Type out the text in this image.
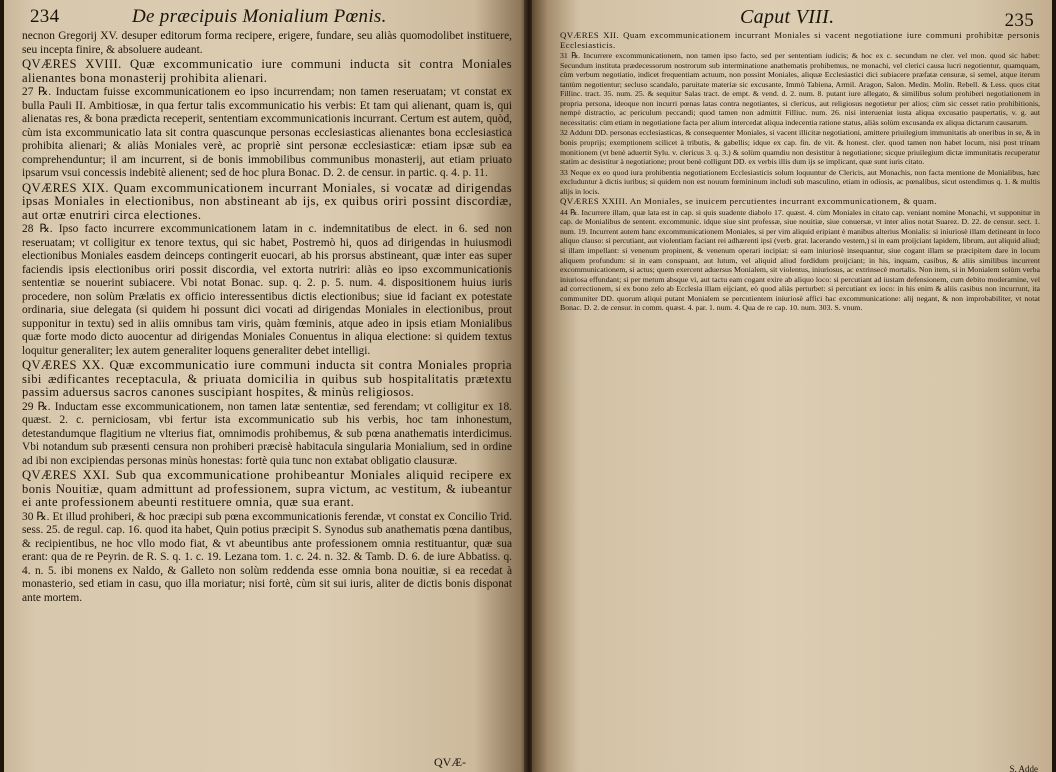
234	De præcipuis Monialium Pœnis.

necnon Gregorij XV. desuper editorum forma recipere, erigere, fundare, seu aliàs quomodolibet instituere, seu incepta finire, & absoluere audeant.

QVÆRES XVIII. Quæ excommunicatio iure communi inducta sit contra Moniales alienantes bona monasterij prohibita alienari.

27 ℞. Inductam fuisse excommunicationem eo ipso incurrendam; non tamen reseruatam; vt constat ex bulla Pauli II. Ambitiosæ, in qua fertur talis excommunicatio his verbis: Et tam qui alienant, quam is, qui alienatas res, & bona prædicta receperit, sententiam excommunicationis incurrant. Certum est autem, quòd, cùm ista excommunicatio lata sit contra quascunque personas ecclesiasticas alienantes bona ecclesiastica prohibita alienari; & aliàs Moniales verè, ac propriè sint personæ ecclesiasticæ: etiam ipsæ sub ea comprehenduntur; il am incurrent, si de bonis immobilibus communibus monasterij, aut etiam priuato ipsarum vsui concessis indebitè alienent; sed de hoc plura Bonac. D. 2. de censur. in partic. q. 4. p. 11.

QVÆRES XIX. Quam excommunicationem incurrant Moniales, si vocatæ ad dirigendas ipsas Moniales in electionibus, non abstineant ab ijs, ex quibus oriri possint discordiæ, aut ortæ enutriri circa electiones.

28 ℞. Ipso facto incurrere excommunicationem latam in c. indemnitatibus de elect. in 6. sed non reseruatam; vt colligitur ex tenore textus, qui sic habet, Postremò hi, quos ad dirigendas in huiusmodi electionibus Moniales easdem deinceps contingerit euocari, ab his prorsus abstineant, quæ inter eas super faciendis ipsis electionibus oriri possit discordia, vel extorta nutriri: aliàs eo ipso excommunicationis sententiæ se nouerint subiacere. Vbi notat Bonac. sup. q. 2. p. 5. num. 4. dispositionem huius iuris procedere, non solùm Prælatis ex officio interessentibus dictis electionibus; siue id faciant ex potestate ordinaria, siue delegata (si quidem hi possunt dici vocati ad dirigendas Moniales in electionibus, prout supponitur in textu) sed in aliis omnibus tam viris, quàm fœminis, atque adeo in ipsis etiam Monialibus quæ forte modo dicto auocentur ad dirigendas Moniales Conuentus in aliqua electione: si quidem textus loquitur generaliter; lex autem generaliter loquens generaliter debet intelligi.

QVÆRES XX. Quæ excommunicatio iure communi inducta sit contra Moniales propria sibi ædificantes receptacula, & priuata domicilia in quibus sub hospitalitatis prætextu passim aduersus sacros canones suscipiant hospites, & minùs religiosos.

29 ℞. Inductam esse excommunicationem, non tamen latæ sententiæ, sed ferendam; vt colligitur ex 18. quæst. 2. c. perniciosam, vbi fertur ista excommunicatio sub his verbis, hoc tam inhonestum, detestandumque flagitium ne vlterius fiat, omnimodis prohibemus, & sub pœna anathematis interdicimus. Vbi notandum sub præsenti censura non prohiberi præcisè habitacula singularia Monialium, sed in ordine ad ibi non excipiendas personas minùs honestas: fortè quia tunc non extabat obligatio clausuræ.

QVÆRES XXI. Sub qua excommunicatione prohibeantur Moniales aliquid recipere ex bonis Nouitiæ, quam admittunt ad professionem, supra victum, ac vestitum, & iubeantur ei ante professionem abeunti restituere omnia, quæ sua erant.

30 ℞. Et illud prohiberi, & hoc præcipi sub pœna excommunicationis ferendæ, vt constat ex Concilio Trid. sess. 25. de regul. cap. 16. quod ita habet, Quin potius præcipit S. Synodus sub anathematis pœna dantibus, & recipientibus, ne hoc vllo modo fiat, & vt abeuntibus ante professionem omnia restituantur, quæ sua erant: qua de re Peyrin. de R. S. q. 1. c. 19. Lezana tom. 1. c. 24. n. 32. & Tamb. D. 6. de iure Abbatiss. q. 4. n. 5. ibi monens ex Naldo, & Galleto non solùm reddenda esse omnia bona nouitiæ, si ea recedat à monasterio, sed etiam in casu, quo illa moriatur; nisi fortè, cùm sit sui iuris, aliter de dictis bonis disponat ante mortem.

QVÆ-
Caput VIII.	235

QVÆRES XII. Quam excommunicationem incurrant Moniales si vacent negotiatione iure communi prohibitæ personis Ecclesiasticis.

31 ℞. Incurrere excommunicationem, non tamen ipso facto, sed per sententiam iudicis; & hoc ex c. secundum ne cler. vel mon. quod sic habet: Secundum instituta prædecessorum nostrorum sub interminatione anathematis prohibemus, ne monachi, vel clerici causa lucri negotientur, quamquam, cùm verbum negotiatio, indicet frequentiam actuum, non possint Moniales, aliquæ Ecclesiastici dici subiacere præfatæ censuræ, si semel, atque iterum tantùm negotientur; secluso scandalo, paruitate materiæ sic excusante, Immò Tabiena, Armil. Aragon, Salon. Medin. Molin. Rebell. & Less. quos citat Fillinc. tract. 35. num. 25. & sequitur Salas tract. de empt. & vend. d. 2. num. 8. putant iure allegato, & similibus solum prohiberi negotiationem in propria persona, ideoque non incurri pœnas latas contra negotiantes, si clericus, aut religiosus negotietur per alios; cùm sic cesset ratio prohibitionis, nempè distractio, ac periculum peccandi; quod tamen non admittit Filliuc. num. 26. nisi interueniat iusta aliqua excusatio paupertatis, v. g. aut necessitatis: cùm etiam in negotiatione facta per alium intercedat aliqua indecentia ratione status, aliàs solùm excusanda ex aliqua dictarum causarum.

32 Addunt DD. personas ecclesiasticas, & consequenter Moniales, si vacent illicitæ negotiationi, amittere priuilegium immunitatis ab oneribus in se, & in bonis proprijs; exemptionem scilicet à tributis, & gabellis; idque ex cap. fin. de vit. & honest. cler. quod tamen non habet locum, nisi post trinam monitionem (vt benè aduertit Sylu. v. clericus 3. q. 3.) & solùm quamdiu non desistitur à negotiatione; sicque priuilegium dictæ immunitatis recuperatur statim ac desistitur à negotiatione; prout benè colligunt DD. ex verbis illis dum ijs se implicant, quæ sunt iuris citato.

33 Neque ex eo quod iura prohibentia negotiationem Ecclesiasticis solum loquuntur de Clericis, aut Monachis, non facta mentione de Monialibus, hæc excluduntur à dictis iuribus; si quidem non est nouum fœmininum includi sub masculino, etiam in odiosis, ac pœnalibus, sicut ostendimus q. 1. & multis alijs in locis.

QVÆRES XXIII. An Moniales, se inuicem percutientes incurrant excommunicationem, & quam.

44 ℞. Incurrere illam, quæ lata est in cap. si quis suadente diabolo 17. quæst. 4. cùm Moniales in citato cap. veniant nomine Monachi, vt supponitur in cap. de Monialibus de sentent. excommunic. idque siue sint professæ, siue nouitiæ, siue conuersæ, vt inter alios notat Suarez. D. 22. de censur. sect. 1. num. 19. Incurrent autem hanc excommunicationem Moniales, si per vim aliquid eripiant è manibus alterius Monialis: si iniuriosè illam detineant in loco aliquo clauso: si percutiant, aut violentiam faciant rei adhærenti ipsi (verb. grat. lacerando vestem,) si in eam proijciant lapidem, librum, aut aliquid aliud; si illam impellant: si venenum propinent, & venenum operari incipiat: si eam iniuriosè insequantur, siue cogant illam se præcipitem dare in locum aliquem profundum: si in eam conspuant, aut lutum, vel aliquid aliud fordidum proijciant; in his, inquam, casibus, & aliis similibus incurrent excommunicationem, si actus; quem exercent aduersus Monialem, sit violentus, iniuriosus, ac extrinsecè mortalis. Non item, si in Monialem solùm verba iniuriosa effundant; si per metum absque vi, aut tactu eam cogant exire ab aliquo loco: si percutiant ad iustam defensionem, cum debito moderamine, vel ad correctionem, si ex bono zelo ab Ecclesia illam eijciant, eò quod aliàs perturbet: si percutiant ex ioco: in his enim & aliis casibus non incurrunt, ita communiter DD. quorum aliqui putant Monialem se percutientem iniuriosè affici hac excommunicatione: alij negant, & non improbabiliter, vt notat Bonac. D. 2. de censur. in comm. quæst. 4. par. 1. num. 4. Qua de re cap. 10. num. 303. S. vnum.

S. Adde
